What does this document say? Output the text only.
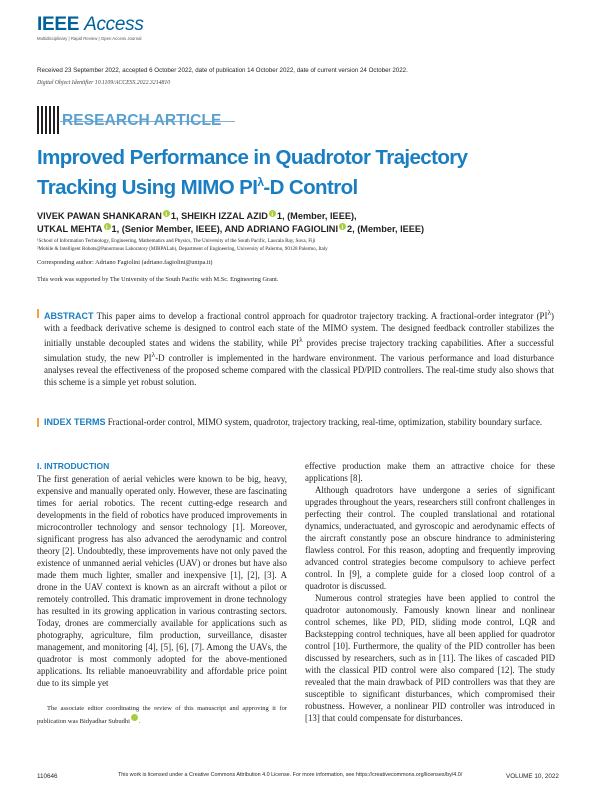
IEEE Access
Multidisciplinary | Rapid Review | Open Access Journal
Received 23 September 2022, accepted 6 October 2022, date of publication 14 October 2022, date of current version 24 October 2022.
Digital Object Identifier 10.1109/ACCESS.2022.3214810
RESEARCH ARTICLE
Improved Performance in Quadrotor Trajectory
Tracking Using MIMO $PI^\lambda-D$ Control
VIVEK PAWAN SHANKARAN i 1, SHEIKH IZZAL AZID i 1, (Member, IEEE),
UTKAL MEHTA i 1, (Senior Member, IEEE), AND ADRIANO FAGIOLINI i 2, (Member, IEEE)
¹School of Information Technology, Engineering, Mathematics and Physics, The University of the South Pacific, Laucala Bay, Suva, Fiji
²Mobile & Intelligent Robots@Panormous Laboratory (MIRPALab), Department of Engineering, University of Palermo, 90128 Palermo, Italy
Corresponding author: Adriano Fagiolini (adriano.fagiolini@unipa.it)
This work was supported by The University of the South Pacific with M.Sc. Engineering Grant.
ABSTRACT This paper aims to develop a fractional control approach for quadrotor trajectory tracking. A fractional-order integrator $(PI^\lambda)$ with a feedback derivative scheme is designed to control each state of the MIMO system. The designed feedback controller stabilizes the initially unstable decoupled states and widens the stability, while $PI^\lambda$ provides precise trajectory tracking capabilities. After a successful simulation study, the new $PI^\lambda-D$ controller is implemented in the hardware environment. The various performance and load disturbance analyses reveal the effectiveness of the proposed scheme compared with the classical PD/PID controllers. The real-time study also shows that this scheme is a simple yet robust solution.
INDEX TERMS Fractional-order control, MIMO system, quadrotor, trajectory tracking, real-time, optimization, stability boundary surface.
I. INTRODUCTION

The first generation of aerial vehicles were known to be big, heavy, expensive and manually operated only. However, these are fascinating times for aerial robotics. The recent cutting-edge research and developments in the field of robotics have produced improvements in microcontroller technology and sensor technology [1]. Moreover, significant progress has also advanced the aerodynamic and control theory [2]. Undoubtedly, these improvements have not only paved the existence of unmanned aerial vehicles (UAV) or drones but have also made them much lighter, smaller and inexpensive [1], [2], [3]. A drone in the UAV context is known as an aircraft without a pilot or remotely controlled. This dramatic improvement in drone technology has resulted in its growing application in various contrasting sectors. Today, drones are commercially available for applications such as photography, agriculture, film production, surveillance, disaster management, and monitoring [4], [5], [6], [7]. Among the UAVs, the quadrotor is most commonly adopted for the above-mentioned applications. Its reliable manoeuvrability and affordable price point due to its simple yet

effective production make them an attractive choice for these applications [8].

Although quadrotors have undergone a series of significant upgrades throughout the years, researchers still confront challenges in perfecting their control. The coupled translational and rotational dynamics, underactuated, and gyroscopic and aerodynamic effects of the aircraft constantly pose an obscure hindrance to administering flawless control. For this reason, adopting and frequently improving advanced control strategies become compulsory to achieve perfect control. In [9], a complete guide for a closed loop control of a quadrotor is discussed.

Numerous control strategies have been applied to control the quadrotor autonomously. Famously known linear and nonlinear control schemes, like PD, PID, sliding mode control, LQR and Backstepping control techniques, have all been applied for quadrotor control [10]. Furthermore, the quality of the PID controller has been discussed by researchers, such as in [11]. The likes of cascaded PID with the classical PID control were also compared [12]. The study revealed that the main drawback of PID controllers was that they are susceptible to significant disturbances, which compromised their robustness. However, a nonlinear PID controller was introduced in [13] that could compensate for disturbances.

The associate editor coordinating the review of this manuscript and approving it for publication was Bidyadhar Subudhii

110646	This work is licensed under a Creative Commons Attribution 4.0 License. For more information, see https://creativecommons.org/licenses/by/4.0/	VOLUME 10, 2022
